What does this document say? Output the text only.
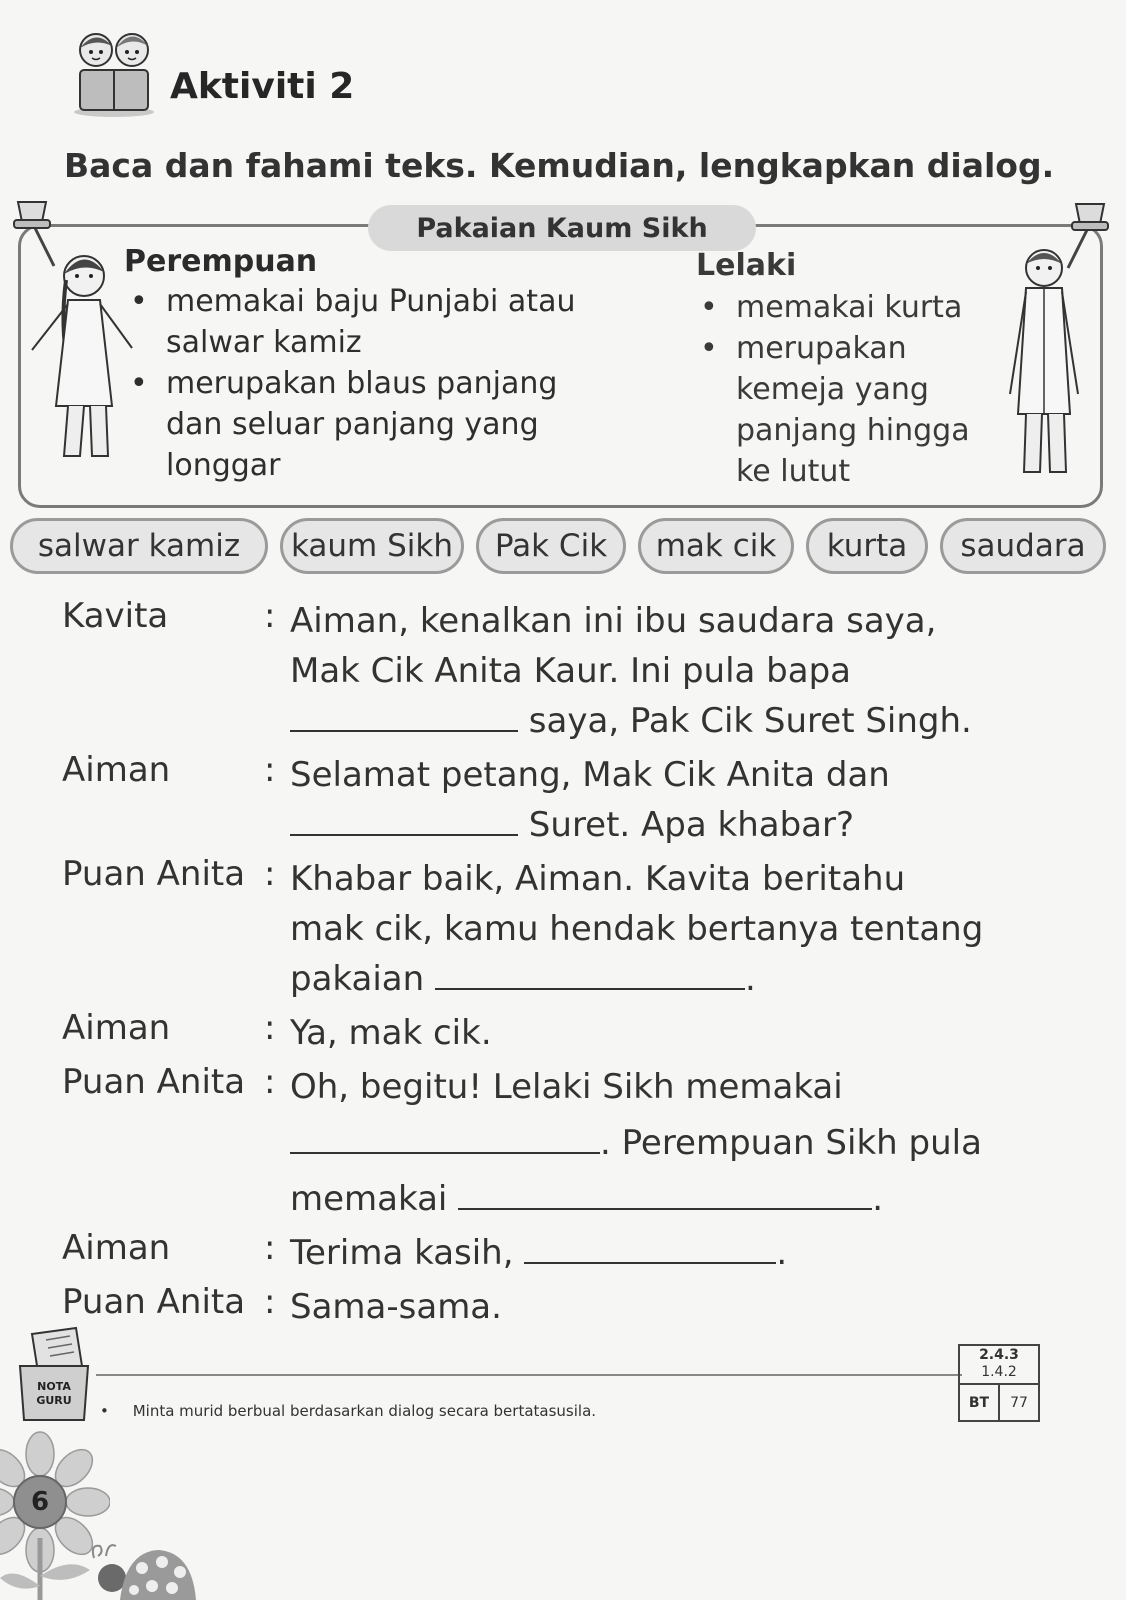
Aktiviti 2
Baca dan fahami teks. Kemudian, lengkapkan dialog.
Pakaian Kaum Sikh
Perempuan
• memakai baju Punjabi atau
salwar kamiz
• merupakan blaus panjang
dan seluar panjang yang
longgar
Lelaki
• memakai kurta
• merupakan
kemeja yang
panjang hingga
ke lutut
salwar kamiz	kaum Sikh	Pak Cik	mak cik	kurta	saudara
Kavita	: Aiman, kenalkan ini ibu saudara saya,
Mak Cik Anita Kaur. Ini pula bapa
saya, Pak Cik Suret Singh.
Aiman	: Selamat petang, Mak Cik Anita dan
Suret. Apa khabar?
Puan Anita : Khabar baik, Aiman. Kavita beritahu
mak cik, kamu hendak bertanya tentang
pakaian	.
Aiman	: Ya, mak cik.
Puan Anita : Oh, begitu! Lelaki Sikh memakai
. Perempuan Sikh pula
memakai	.
Aiman	: Terima kasih,	.
Puan Anita : Sama-sama.
NOTA
GURU
•     Minta murid berbual berdasarkan dialog secara bertatasusila.
2.4.3
1.4.2
BT	77
6
